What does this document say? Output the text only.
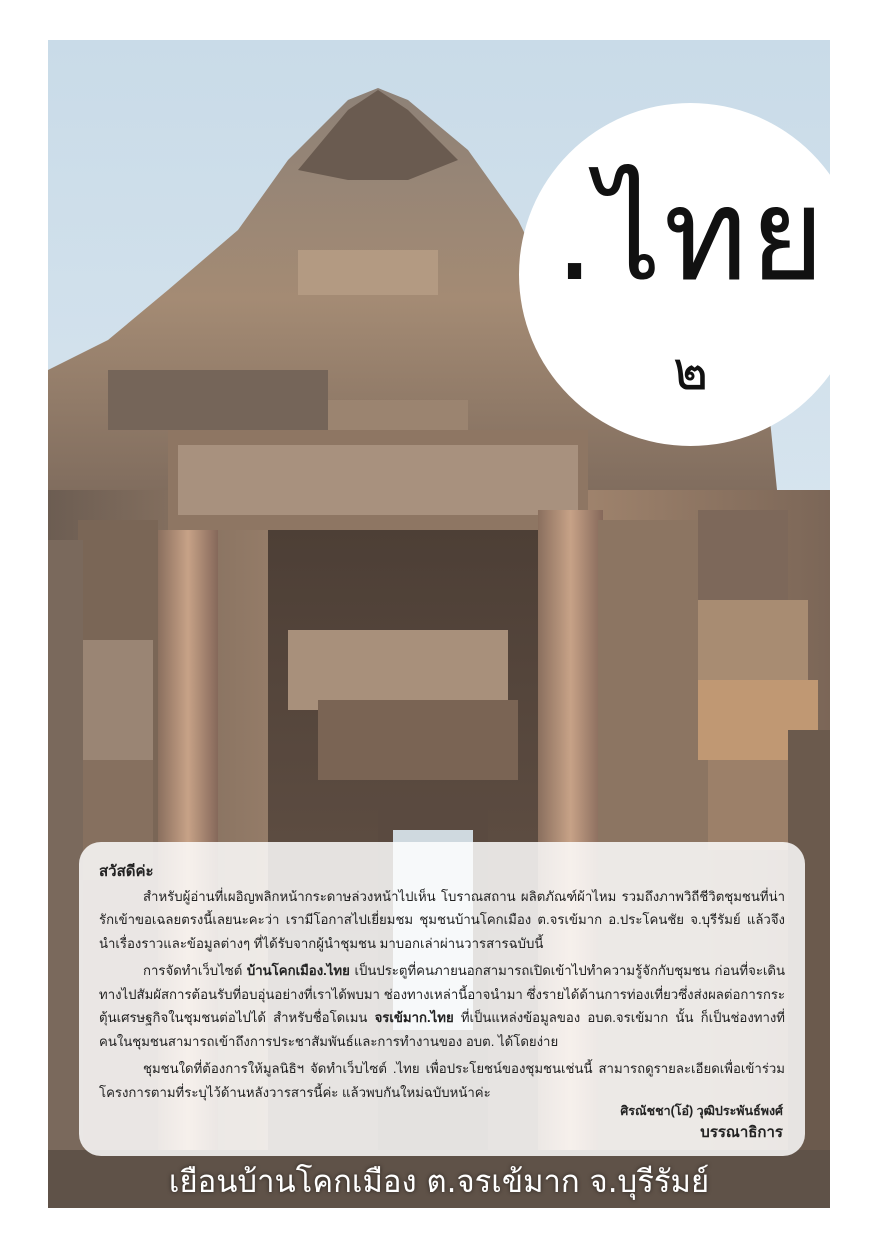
.ไทย
๒

สวัสดีค่ะ

สำหรับผู้อ่านที่เผอิญพลิกหน้ากระดาษล่วงหน้าไปเห็น โบราณสถาน ผลิตภัณฑ์ผ้าไหม รวมถึงภาพวิถีชีวิตชุมชนที่น่ารักเข้าขอเฉลยตรงนี้เลยนะคะว่า เรามีโอกาสไปเยี่ยมชม ชุมชนบ้านโคกเมือง ต.จรเข้มาก อ.ประโคนชัย จ.บุรีรัมย์ แล้วจึงนำเรื่องราวและข้อมูลต่างๆ ที่ได้รับจากผู้นำชุมชน มาบอกเล่าผ่านวารสารฉบับนี้

การจัดทำเว็บไซต์ บ้านโคกเมือง.ไทย เป็นประตูที่คนภายนอกสามารถเปิดเข้าไปทำความรู้จักกับชุมชน ก่อนที่จะเดินทางไปสัมผัสการต้อนรับที่อบอุ่นอย่างที่เราได้พบมา ช่องทางเหล่านี้อาจนำมา ซึ่งรายได้ด้านการท่องเที่ยวซึ่งส่งผลต่อการกระตุ้นเศรษฐกิจในชุมชนต่อไปได้ สำหรับชื่อโดเมน จรเข้มาก.ไทย ที่เป็นแหล่งข้อมูลของ อบต.จรเข้มาก นั้น ก็เป็นช่องทางที่คนในชุมชนสามารถเข้าถึงการประชาสัมพันธ์และการทำงานของ อบต. ได้โดยง่าย

ชุมชนใดที่ต้องการให้มูลนิธิฯ จัดทำเว็บไซต์ .ไทย เพื่อประโยชน์ของชุมชนเช่นนี้ สามารถดูรายละเอียดเพื่อเข้าร่วมโครงการตามที่ระบุไว้ด้านหลังวารสารนี้ค่ะ แล้วพบกันใหม่ฉบับหน้าค่ะ

ศิรณัชชา(โอ๋) วุฒิประพันธ์พงศ์
บรรณาธิการ
เยือนบ้านโคกเมือง ต.จรเข้มาก จ.บุรีรัมย์
